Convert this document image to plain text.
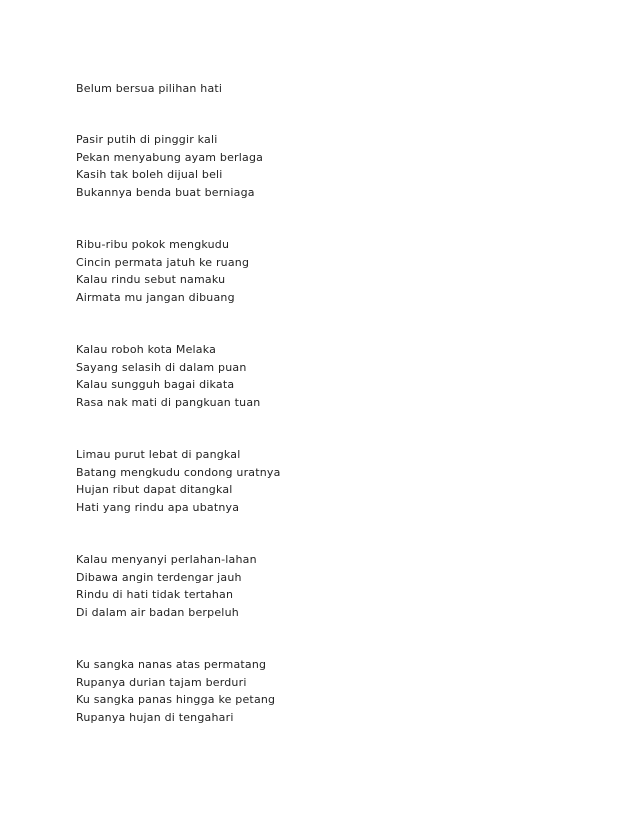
Belum bersua pilihan hati
Pasir putih di pinggir kali
Pekan menyabung ayam berlaga
Kasih tak boleh dijual beli
Bukannya benda buat berniaga
Ribu-ribu pokok mengkudu
Cincin permata jatuh ke ruang
Kalau rindu sebut namaku
Airmata mu jangan dibuang
Kalau roboh kota Melaka
Sayang selasih di dalam puan
Kalau sungguh bagai dikata
Rasa nak mati di pangkuan tuan
Limau purut lebat di pangkal
Batang mengkudu condong uratnya
Hujan ribut dapat ditangkal
Hati yang rindu apa ubatnya
Kalau menyanyi perlahan-lahan
Dibawa angin terdengar jauh
Rindu di hati tidak tertahan
Di dalam air badan berpeluh
Ku sangka nanas atas permatang
Rupanya durian tajam berduri
Ku sangka panas hingga ke petang
Rupanya hujan di tengahari
